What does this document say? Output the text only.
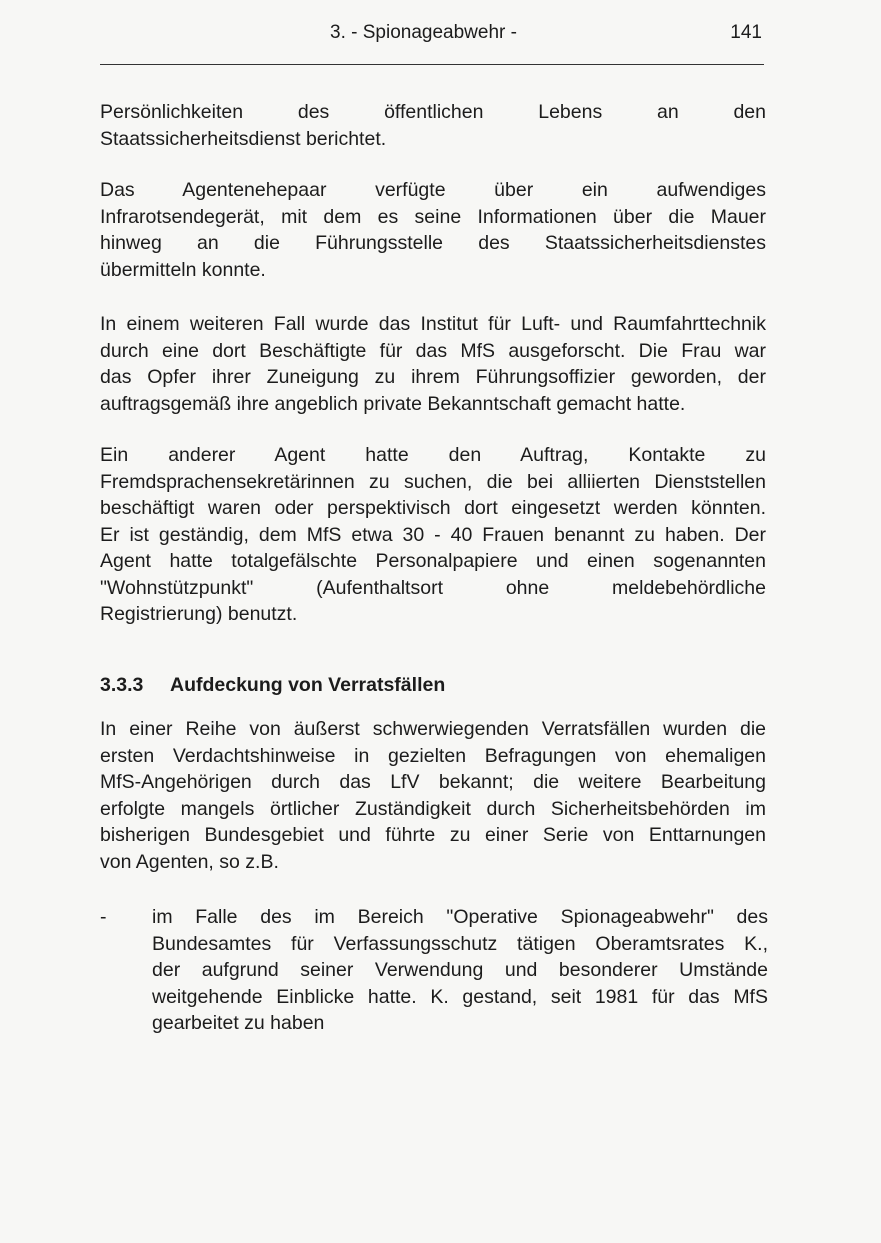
3. - Spionageabwehr -	141

Persönlichkeiten des öffentlichen Lebens an den
Staatssicherheitsdienst berichtet.

Das Agentenehepaar verfügte über ein aufwendiges
Infrarotsendegerät, mit dem es seine Informationen über die Mauer
hinweg an die Führungsstelle des Staatssicherheitsdienstes
übermitteln konnte.

In einem weiteren Fall wurde das Institut für Luft- und Raumfahrttechnik
durch eine dort Beschäftigte für das MfS ausgeforscht. Die Frau war
das Opfer ihrer Zuneigung zu ihrem Führungsoffizier geworden, der
auftragsgemäß ihre angeblich private Bekanntschaft gemacht hatte.

Ein anderer Agent hatte den Auftrag, Kontakte zu
Fremdsprachensekretärinnen zu suchen, die bei alliierten Dienststellen
beschäftigt waren oder perspektivisch dort eingesetzt werden könnten.
Er ist geständig, dem MfS etwa 30 - 40 Frauen benannt zu haben. Der
Agent hatte totalgefälschte Personalpapiere und einen sogenannten
"Wohnstützpunkt" (Aufenthaltsort ohne meldebehördliche
Registrierung) benutzt.

3.3.3 Aufdeckung von Verratsfällen

In einer Reihe von äußerst schwerwiegenden Verratsfällen wurden die
ersten Verdachtshinweise in gezielten Befragungen von ehemaligen
MfS-Angehörigen durch das LfV bekannt; die weitere Bearbeitung
erfolgte mangels örtlicher Zuständigkeit durch Sicherheitsbehörden im
bisherigen Bundesgebiet und führte zu einer Serie von Enttarnungen
von Agenten, so z.B.

- im Falle des im Bereich "Operative Spionageabwehr" des
Bundesamtes für Verfassungsschutz tätigen Oberamtsrates K.,
der aufgrund seiner Verwendung und besonderer Umstände
weitgehende Einblicke hatte. K. gestand, seit 1981 für das MfS
gearbeitet zu haben
